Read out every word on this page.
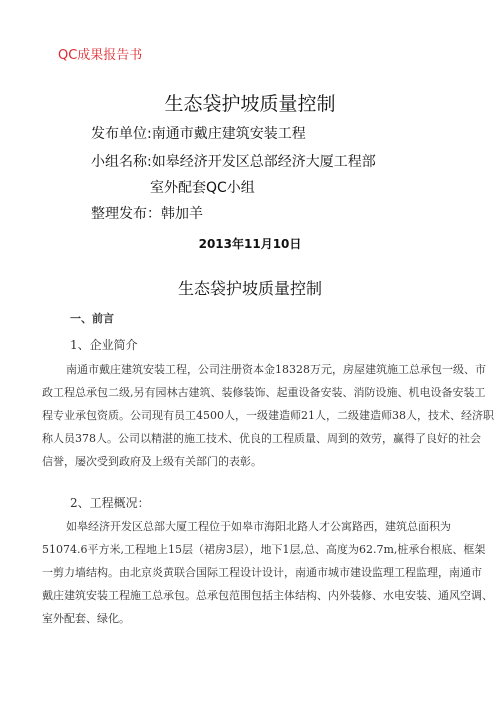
QC成果报告书
生态袋护坡质量控制
发布单位:南通市戴庄建筑安装工程
小组名称:如皋经济开发区总部经济大厦工程部
室外配套QC小组
整理发布：韩加羊
2013年11月10日
生态袋护坡质量控制
一、前言
1、企业简介
南通市戴庄建筑安装工程，公司注册资本金18328万元，房屋建筑施工总承包一级、市
政工程总承包二级,另有园林古建筑、装修装饰、起重设备安装、消防设施、机电设备安装工
程专业承包资质。公司现有员工4500人，一级建造师21人，二级建造师38人，技术、经济职
称人员378人。公司以精湛的施工技术、优良的工程质量、周到的效劳，赢得了良好的社会
信誉，屡次受到政府及上级有关部门的表彰。
2、工程概况：
如皋经济开发区总部大厦工程位于如皋市海阳北路人才公寓路西，建筑总面积为
51074.6平方米,工程地上15层（裙房3层），地下1层,总、高度为62.7m,桩承台根底、框架
一剪力墙结构。由北京炎黄联合国际工程设计设计，南通市城市建设监理工程监理，南通市
戴庄建筑安装工程施工总承包。总承包范围包括主体结构、内外装修、水电安装、通风空调、
室外配套、绿化。
